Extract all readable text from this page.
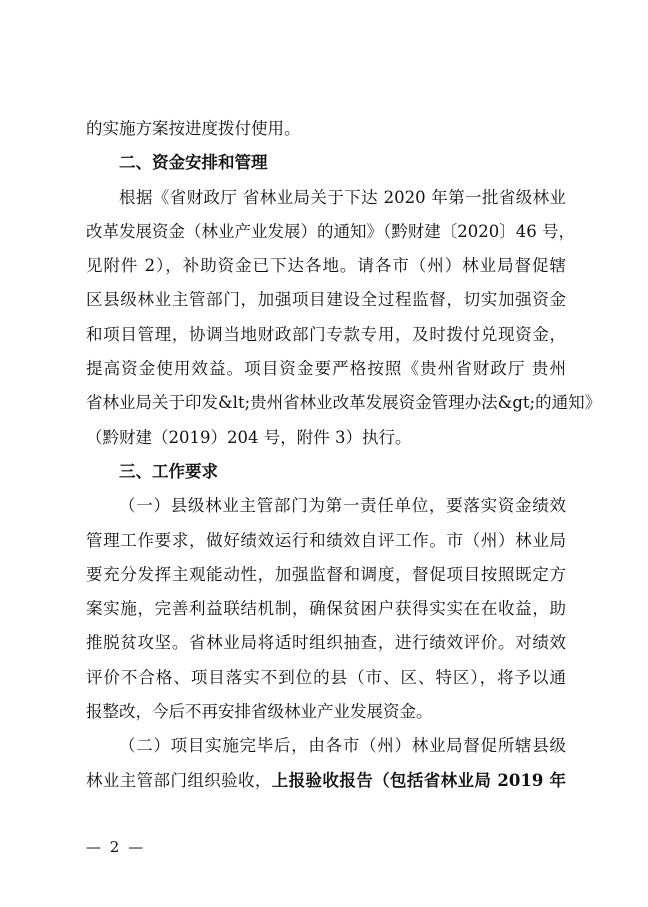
的实施方案按进度拨付使用。
二、资金安排和管理
根据《省财政厅 省林业局关于下达 2020 年第一批省级林业
改革发展资金（林业产业发展）的通知》（黔财建〔2020〕46 号，
见附件 2），补助资金已下达各地。请各市（州）林业局督促辖
区县级林业主管部门，加强项目建设全过程监督，切实加强资金
和项目管理，协调当地财政部门专款专用，及时拨付兑现资金，
提高资金使用效益。项目资金要严格按照《贵州省财政厅 贵州
省林业局关于印发&lt;贵州省林业改革发展资金管理办法&gt;的通知》
（黔财建（2019）204 号，附件 3）执行。
三、工作要求
（一）县级林业主管部门为第一责任单位，要落实资金绩效
管理工作要求，做好绩效运行和绩效自评工作。市（州）林业局
要充分发挥主观能动性，加强监督和调度，督促项目按照既定方
案实施，完善利益联结机制，确保贫困户获得实实在在收益，助
推脱贫攻坚。省林业局将适时组织抽查，进行绩效评价。对绩效
评价不合格、项目落实不到位的县（市、区、特区），将予以通
报整改，今后不再安排省级林业产业发展资金。
（二）项目实施完毕后，由各市（州）林业局督促所辖县级
林业主管部门组织验收，上报验收报告（包括省林业局 2019 年
— 2 —
